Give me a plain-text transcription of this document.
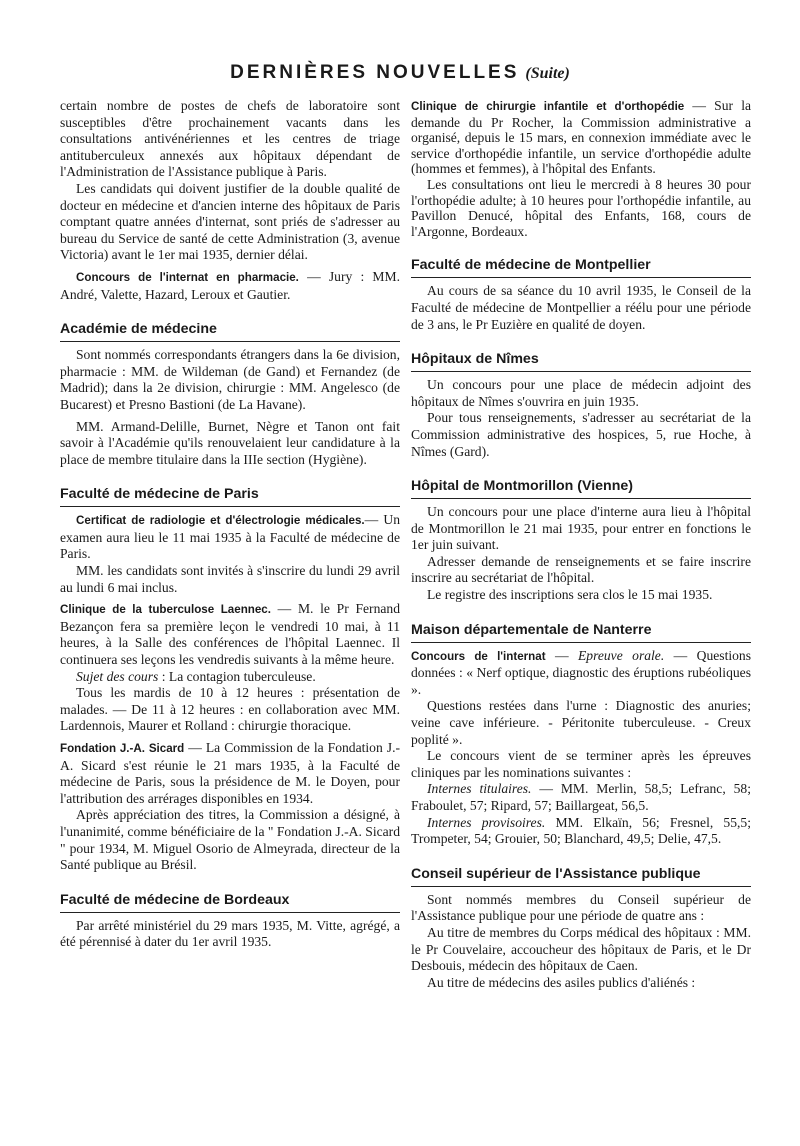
DERNIÈRES NOUVELLES (Suite)

certain nombre de postes de chefs de laboratoire sont susceptibles d'être prochainement vacants dans les consultations antivénériennes et les centres de triage antituberculeux annexés aux hôpitaux dépendant de l'Administration de l'Assistance publique à Paris.

Les candidats qui doivent justifier de la double qualité de docteur en médecine et d'ancien interne des hôpitaux de Paris comptant quatre années d'internat, sont priés de s'adresser au bureau du Service de santé de cette Administration (3, avenue Victoria) avant le 1er mai 1935, dernier délai.

Concours de l'internat en pharmacie. — Jury : MM. André, Valette, Hazard, Leroux et Gautier.

Académie de médecine

Sont nommés correspondants étrangers dans la 6e division, pharmacie : MM. de Wildeman (de Gand) et Fernandez (de Madrid); dans la 2e division, chirurgie : MM. Angelesco (de Bucarest) et Presno Bastioni (de La Havane).

MM. Armand-Delille, Burnet, Nègre et Tanon ont fait savoir à l'Académie qu'ils renouvelaient leur candidature à la place de membre titulaire dans la IIIe section (Hygiène).

Faculté de médecine de Paris

Certificat de radiologie et d'électrologie médicales.— Un examen aura lieu le 11 mai 1935 à la Faculté de médecine de Paris.

MM. les candidats sont invités à s'inscrire du lundi 29 avril au lundi 6 mai inclus.

Clinique de la tuberculose Laennec. — M. le Pr Fernand Bezançon fera sa première leçon le vendredi 10 mai, à 11 heures, à la Salle des conférences de l'hôpital Laennec. Il continuera ses leçons les vendredis suivants à la même heure.

Sujet des cours : La contagion tuberculeuse.

Tous les mardis de 10 à 12 heures : présentation de malades. — De 11 à 12 heures : en collaboration avec MM. Lardennois, Maurer et Rolland : chirurgie thoracique.

Fondation J.-A. Sicard — La Commission de la Fondation J.-A. Sicard s'est réunie le 21 mars 1935, à la Faculté de médecine de Paris, sous la présidence de M. le Doyen, pour l'attribution des arrérages disponibles en 1934.

Après appréciation des titres, la Commission a désigné, à l'unanimité, comme bénéficiaire de la " Fondation J.-A. Sicard " pour 1934, M. Miguel Osorio de Almeyrada, directeur de la Santé publique au Brésil.

Faculté de médecine de Bordeaux

Par arrêté ministériel du 29 mars 1935, M. Vitte, agrégé, a été pérennisé à dater du 1er avril 1935.

Clinique de chirurgie infantile et d'orthopédie — Sur la demande du Pr Rocher, la Commission administrative a organisé, depuis le 15 mars, en connexion immédiate avec le service d'orthopédie infantile, un service d'orthopédie adulte (hommes et femmes), à l'hôpital des Enfants.

Les consultations ont lieu le mercredi à 8 heures 30 pour l'orthopédie adulte; à 10 heures pour l'orthopédie infantile, au Pavillon Denucé, hôpital des Enfants, 168, cours de l'Argonne, Bordeaux.

Faculté de médecine de Montpellier

Au cours de sa séance du 10 avril 1935, le Conseil de la Faculté de médecine de Montpellier a réélu pour une période de 3 ans, le Pr Euzière en qualité de doyen.

Hôpitaux de Nîmes

Un concours pour une place de médecin adjoint des hôpitaux de Nîmes s'ouvrira en juin 1935.

Pour tous renseignements, s'adresser au secrétariat de la Commission administrative des hospices, 5, rue Hoche, à Nîmes (Gard).

Hôpital de Montmorillon (Vienne)

Un concours pour une place d'interne aura lieu à l'hôpital de Montmorillon le 21 mai 1935, pour entrer en fonctions le 1er juin suivant.

Adresser demande de renseignements et se faire inscrire inscrire au secrétariat de l'hôpital.

Le registre des inscriptions sera clos le 15 mai 1935.

Maison départementale de Nanterre

Concours de l'internat — Epreuve orale. — Questions données : « Nerf optique, diagnostic des éruptions rubéoliques ».

Questions restées dans l'urne : Diagnostic des anuries; veine cave inférieure. - Péritonite tuberculeuse. - Creux poplité ».

Le concours vient de se terminer après les épreuves cliniques par les nominations suivantes :

Internes titulaires. — MM. Merlin, 58,5; Lefranc, 58; Fraboulet, 57; Ripard, 57; Baillargeat, 56,5.

Internes provisoires. MM. Elkaïn, 56; Fresnel, 55,5; Trompeter, 54; Grouier, 50; Blanchard, 49,5; Delie, 47,5.

Conseil supérieur de l'Assistance publique

Sont nommés membres du Conseil supérieur de l'Assistance publique pour une période de quatre ans :

Au titre de membres du Corps médical des hôpitaux : MM. le Pr Couvelaire, accoucheur des hôpitaux de Paris, et le Dr Desbouis, médecin des hôpitaux de Caen.

Au titre de médecins des asiles publics d'aliénés :
